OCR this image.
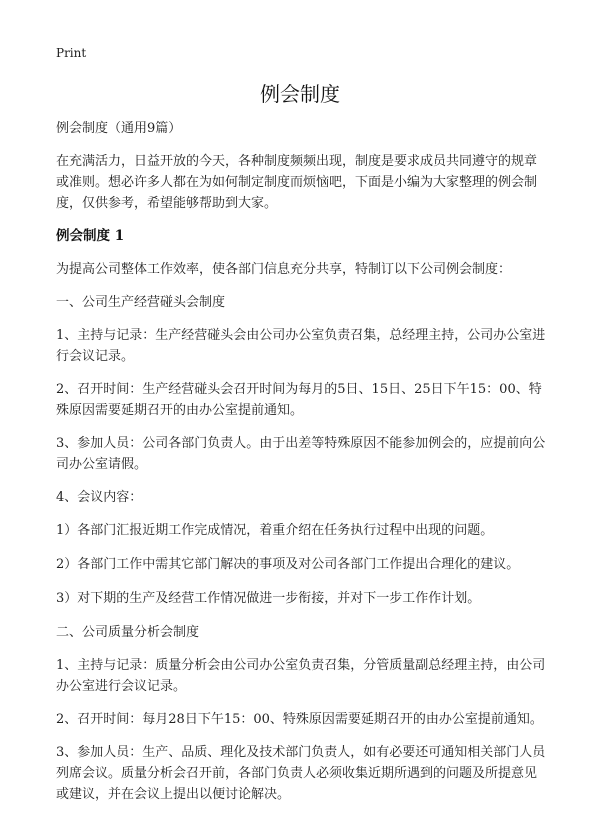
Print
例会制度

例会制度（通用9篇）

在充满活力，日益开放的今天，各种制度频频出现，制度是要求成员共同遵守的规章或准则。想必许多人都在为如何制定制度而烦恼吧，下面是小编为大家整理的例会制度，仅供参考，希望能够帮助到大家。

例会制度 1

为提高公司整体工作效率，使各部门信息充分共享，特制订以下公司例会制度：

一、公司生产经营碰头会制度

1、主持与记录：生产经营碰头会由公司办公室负责召集，总经理主持，公司办公室进行会议记录。

2、召开时间：生产经营碰头会召开时间为每月的5日、15日、25日下午15：00、特殊原因需要延期召开的由办公室提前通知。

3、参加人员：公司各部门负责人。由于出差等特殊原因不能参加例会的，应提前向公司办公室请假。

4、会议内容：

1）各部门汇报近期工作完成情况，着重介绍在任务执行过程中出现的问题。

2）各部门工作中需其它部门解决的事项及对公司各部门工作提出合理化的建议。

3）对下期的生产及经营工作情况做进一步衔接，并对下一步工作作计划。

二、公司质量分析会制度

1、主持与记录：质量分析会由公司办公室负责召集，分管质量副总经理主持，由公司办公室进行会议记录。

2、召开时间：每月28日下午15：00、特殊原因需要延期召开的由办公室提前通知。

3、参加人员：生产、品质、理化及技术部门负责人，如有必要还可通知相关部门人员列席会议。质量分析会召开前，各部门负责人必须收集近期所遇到的问题及所提意见或建议，并在会议上提出以便讨论解决。
